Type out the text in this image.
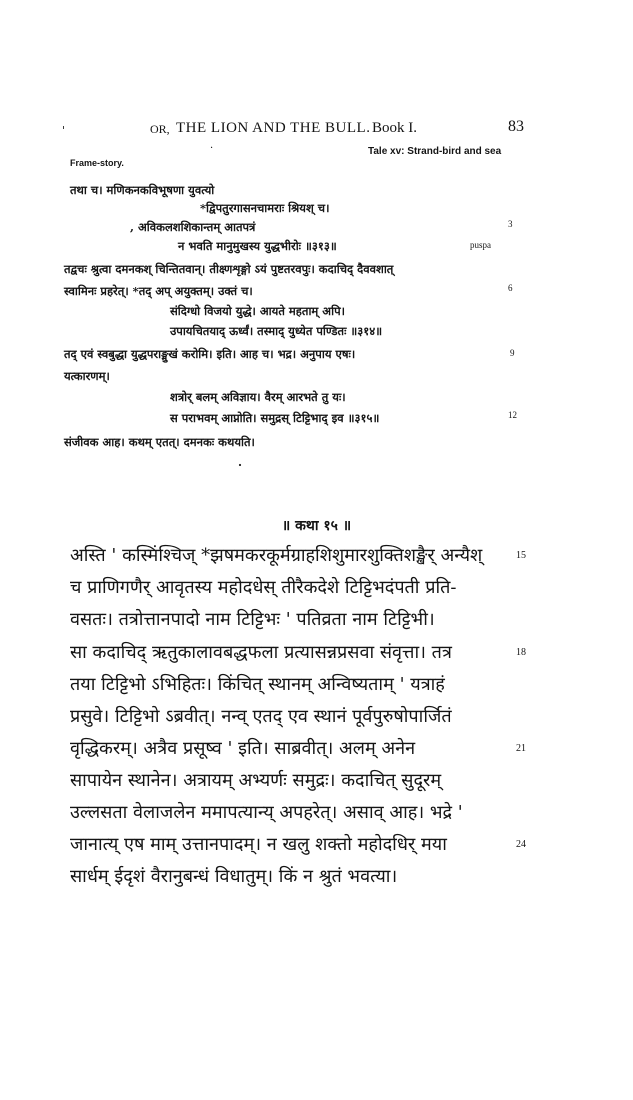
'	OR, THE LION AND THE BULL. Book I.	83
·	Tale xv: Strand-bird and sea
Frame-story.
तथा च। मणिकनकविभूषणा युवत्यो
*द्विपतुरगासनचामराः श्रियश् च।
, अविकलशशिकान्तम् आतपत्रं
न भवति मानुमुखस्य युद्धभीरोः ॥३१३॥
तद्वचः श्रुत्वा दमनकश् चिन्तितवान्। तीक्ष्णशृङ्गो ऽयं पुष्टतरवपुः। कदाचिद् दैववशात्
स्वामिनः प्रहरेत्। *तद् अप् अयुक्तम्। उक्तं च।
संदिग्धो विजयो युद्धे। आयते महताम् अपि।
उपायचितयाद् ऊर्ध्वं। तस्माद् युध्येत पण्डितः ॥३१४॥
तद् एवं स्वबुद्धा युद्धपराङ्मुखं करोमि। इति। आह च। भद्र। अनुपाय एषः।
यत्कारणम्।
शत्रोर् बलम् अविज्ञाय। वैरम् आरभते तु यः।
स पराभवम् आप्नोति। समुद्रस् टिट्टिभाद् इव ॥३१५॥
संजीवक आह। कथम् एतत्। दमनकः कथयति।
·
3
puspa
6
9
12
॥ कथा १५ ॥
अस्ति ' कस्मिंश्चिज् *झषमकरकूर्मग्राहशिशुमारशुक्तिशङ्खैर् अन्यैश्
च प्राणिगणैर् आवृतस्य महोदधेस् तीरैकदेशे टिट्टिभदंपती प्रति-
वसतः। तत्रोत्तानपादो नाम टिट्टिभः ' पतिव्रता नाम टिट्टिभी।
सा कदाचिद् ऋतुकालावबद्धफला प्रत्यासन्नप्रसवा संवृत्ता। तत्र
तया टिट्टिभो ऽभिहितः। किंचित् स्थानम् अन्विष्यताम् ' यत्राहं
प्रसुवे। टिट्टिभो ऽब्रवीत्। नन्व् एतद् एव स्थानं पूर्वपुरुषोपार्जितं
वृद्धिकरम्। अत्रैव प्रसूष्व ' इति। साब्रवीत्। अलम् अनेन
सापायेन स्थानेन। अत्रायम् अभ्यर्णः समुद्रः। कदाचित् सुदूरम्
उल्लसता वेलाजलेन ममापत्यान्य् अपहरेत्। असाव् आह। भद्रे '
जानात्य् एष माम् उत्तानपादम्। न खलु शक्तो महोदधिर् मया
सार्धम् ईदृशं वैरानुबन्धं विधातुम्। किं न श्रुतं भवत्या।
15
18
21
24
